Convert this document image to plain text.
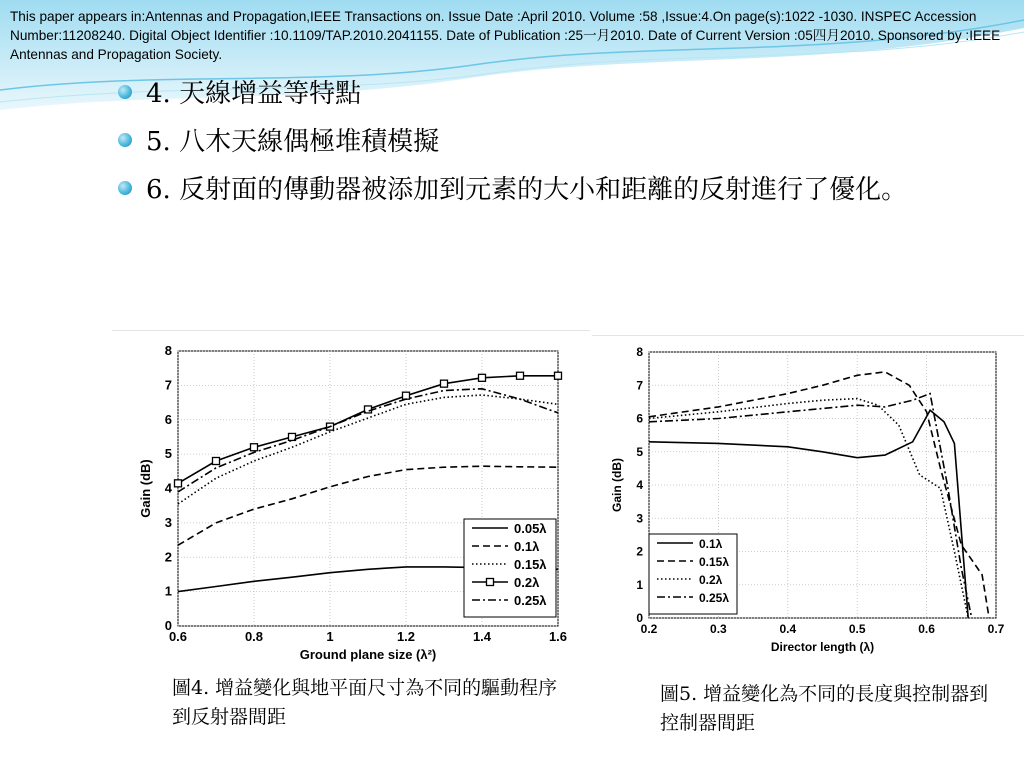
This paper appears in:Antennas and Propagation,IEEE Transactions on. Issue Date :April 2010. Volume :58 ,Issue:4.On page(s):1022 -1030. INSPEC Accession Number:11208240. Digital Object Identifier :10.1109/TAP.2010.2041155. Date of Publication :25一月2010. Date of Current Version :05四月2010. Sponsored by :IEEE Antennas and Propagation Society.
4. 天線增益等特點
5. 八木天線偶極堆積模擬
6. 反射面的傳動器被添加到元素的大小和距離的反射進行了優化。
0.6	0.8	1	1.2	1.4	1.6
0
1
2
3
4
5
6
7
8
Ground plane size (λ²)
Gain (dB)
0.05λ
0.1λ
0.15λ
0.2λ
0.25λ
0.2	0.3	0.4	0.5	0.6	0.7
0
1
2
3
4
5
6
7
8
Director length (λ)
Gain (dB)
0.1λ
0.15λ
0.2λ
0.25λ
圖4. 增益變化與地平面尺寸為不同的驅動程序到反射器間距
圖5. 增益變化為不同的長度與控制器到控制器間距
